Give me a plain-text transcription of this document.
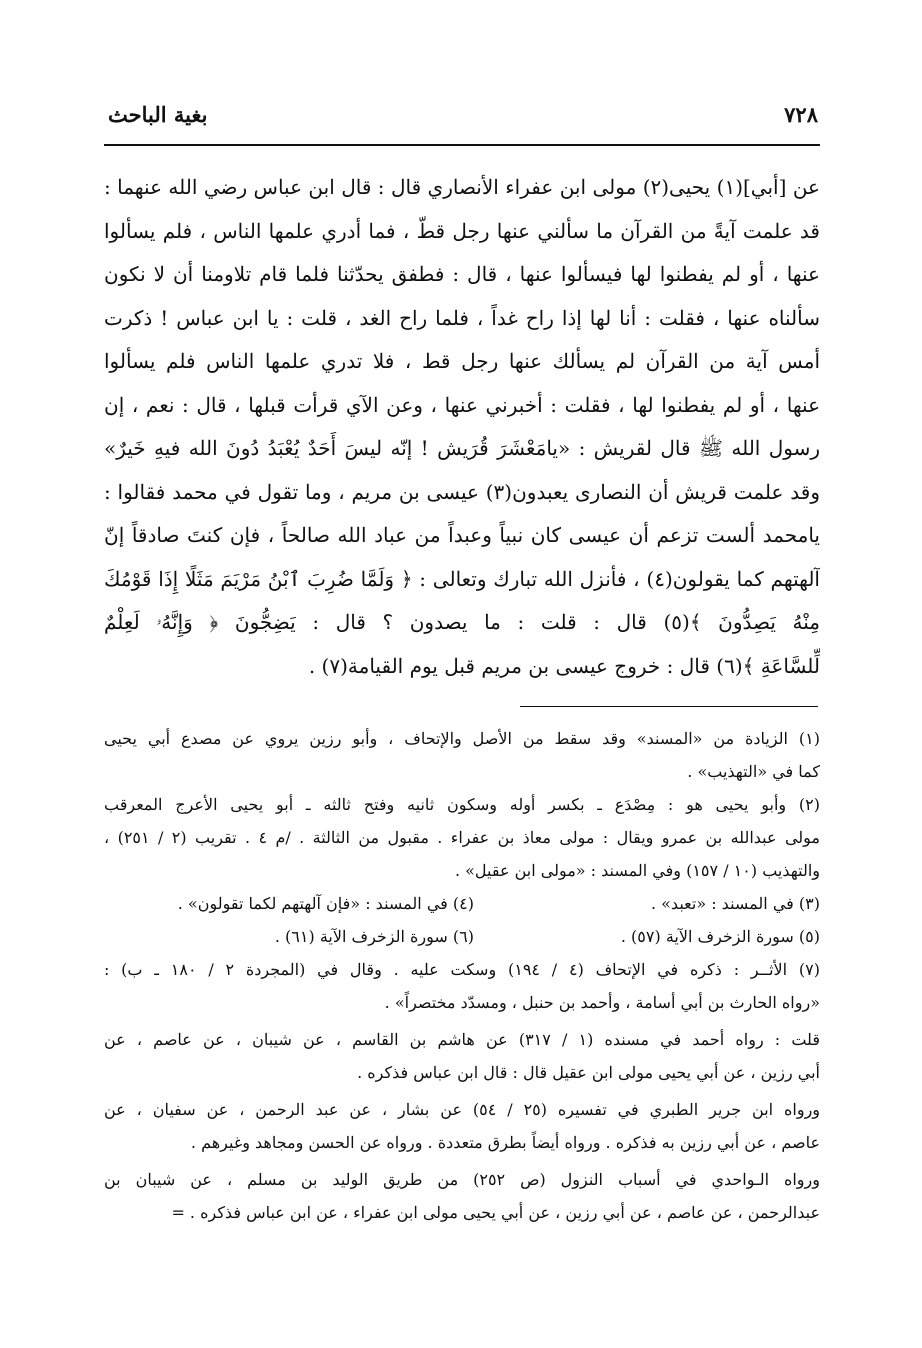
٧٢٨
بغية الباحث
عن [أبي](١) يحيى(٢) مولى ابن عفراء الأنصاري قال : قال ابن عباس رضي الله عنهما :
قد علمت آيةً من القرآن ما سألني عنها رجل قطّ ، فما أدري علمها الناس ، فلم يسألوا
عنها ، أو لم يفطنوا لها فيسألوا عنها ، قال : فطفق يحدّثنا فلما قام تلاومنا أن لا نكون
سألناه عنها ، فقلت : أنا لها إذا راح غداً ، فلما راح الغد ، قلت : يا ابن عباس ! ذكرت
أمس آية من القرآن لم يسألك عنها رجل قط ، فلا تدري علمها الناس فلم يسألوا
عنها ، أو لم يفطنوا لها ، فقلت : أخبرني عنها ، وعن الآي قرأت قبلها ، قال : نعم ، إن
رسول الله ﷺ قال لقريش : «يامَعْشَرَ قُرَيش ! إنّه ليسَ أَحَدٌ يُعْبَدُ دُونَ الله فيهِ خَيرٌ»
وقد علمت قريش أن النصارى يعبدون(٣) عيسى بن مريم ، وما تقول في محمد فقالوا :
يامحمد ألست تزعم أن عيسى كان نبياً وعبداً من عباد الله صالحاً ، فإن كنتَ صادقاً إنّ
آلهتهم كما يقولون(٤) ، فأنزل الله تبارك وتعالى : ﴿ وَلَمَّا ضُرِبَ ٱبْنُ مَرْيَمَ مَثَلًا إِذَا قَوْمُكَ
مِنْهُ يَصِدُّونَ ﴾(٥) قال : قلت : ما يصدون ؟ قال : يَضِجُّونَ ﴿ وَإِنَّهُۥ لَعِلْمٌ
لِّلسَّاعَةِ ﴾(٦) قال : خروج عيسى بن مريم قبل يوم القيامة(٧) .
(١) الزيادة من «المسند» وقد سقط من الأصل والإتحاف ، وأبو رزين يروي عن مصدع أبي يحيى
كما في «التهذيب» .
(٢) وأبو يحيى هو : مِصْدَع ـ بكسر أوله وسكون ثانيه وفتح ثالثه ـ أبو يحيى الأعرج المعرقب
مولى عبدالله بن عمرو ويقال : مولى معاذ بن عفراء . مقبول من الثالثة . /م ٤ . تقريب (٢ / ٢٥١) ،
والتهذيب (١٠ / ١٥٧) وفي المسند : «مولى ابن عقيل» .
(٣) في المسند : «تعبد» .
(٤) في المسند : «فإن آلهتهم لكما تقولون» .
(٥) سورة الزخرف الآية (٥٧) .
(٦) سورة الزخرف الآية (٦١) .
(٧) الأثــر : ذكره في الإتحاف (٤ / ١٩٤) وسكت عليه . وقال في (المجردة ٢ / ١٨٠ ـ ب) :
«رواه الحارث بن أبي أسامة ، وأحمد بن حنبل ، ومسدّد مختصراً» .
قلت : رواه أحمد في مسنده (١ / ٣١٧) عن هاشم بن القاسم ، عن شيبان ، عن عاصم ، عن
أبي رزين ، عن أبي يحيى مولى ابن عقيل قال : قال ابن عباس فذكره .
ورواه ابن جرير الطبري في تفسيره (٢٥ / ٥٤) عن بشار ، عن عبد الرحمن ، عن سفيان ، عن
عاصم ، عن أبي رزين به فذكره . ورواه أيضاً بطرق متعددة . ورواه عن الحسن ومجاهد وغيرهم .
ورواه الـواحدي في أسباب النزول (ص ٢٥٢) من طريق الوليد بن مسلم ، عن شيبان بن
عبدالرحمن ، عن عاصم ، عن أبي رزين ، عن أبي يحيى مولى ابن عفراء ، عن ابن عباس فذكره . =
